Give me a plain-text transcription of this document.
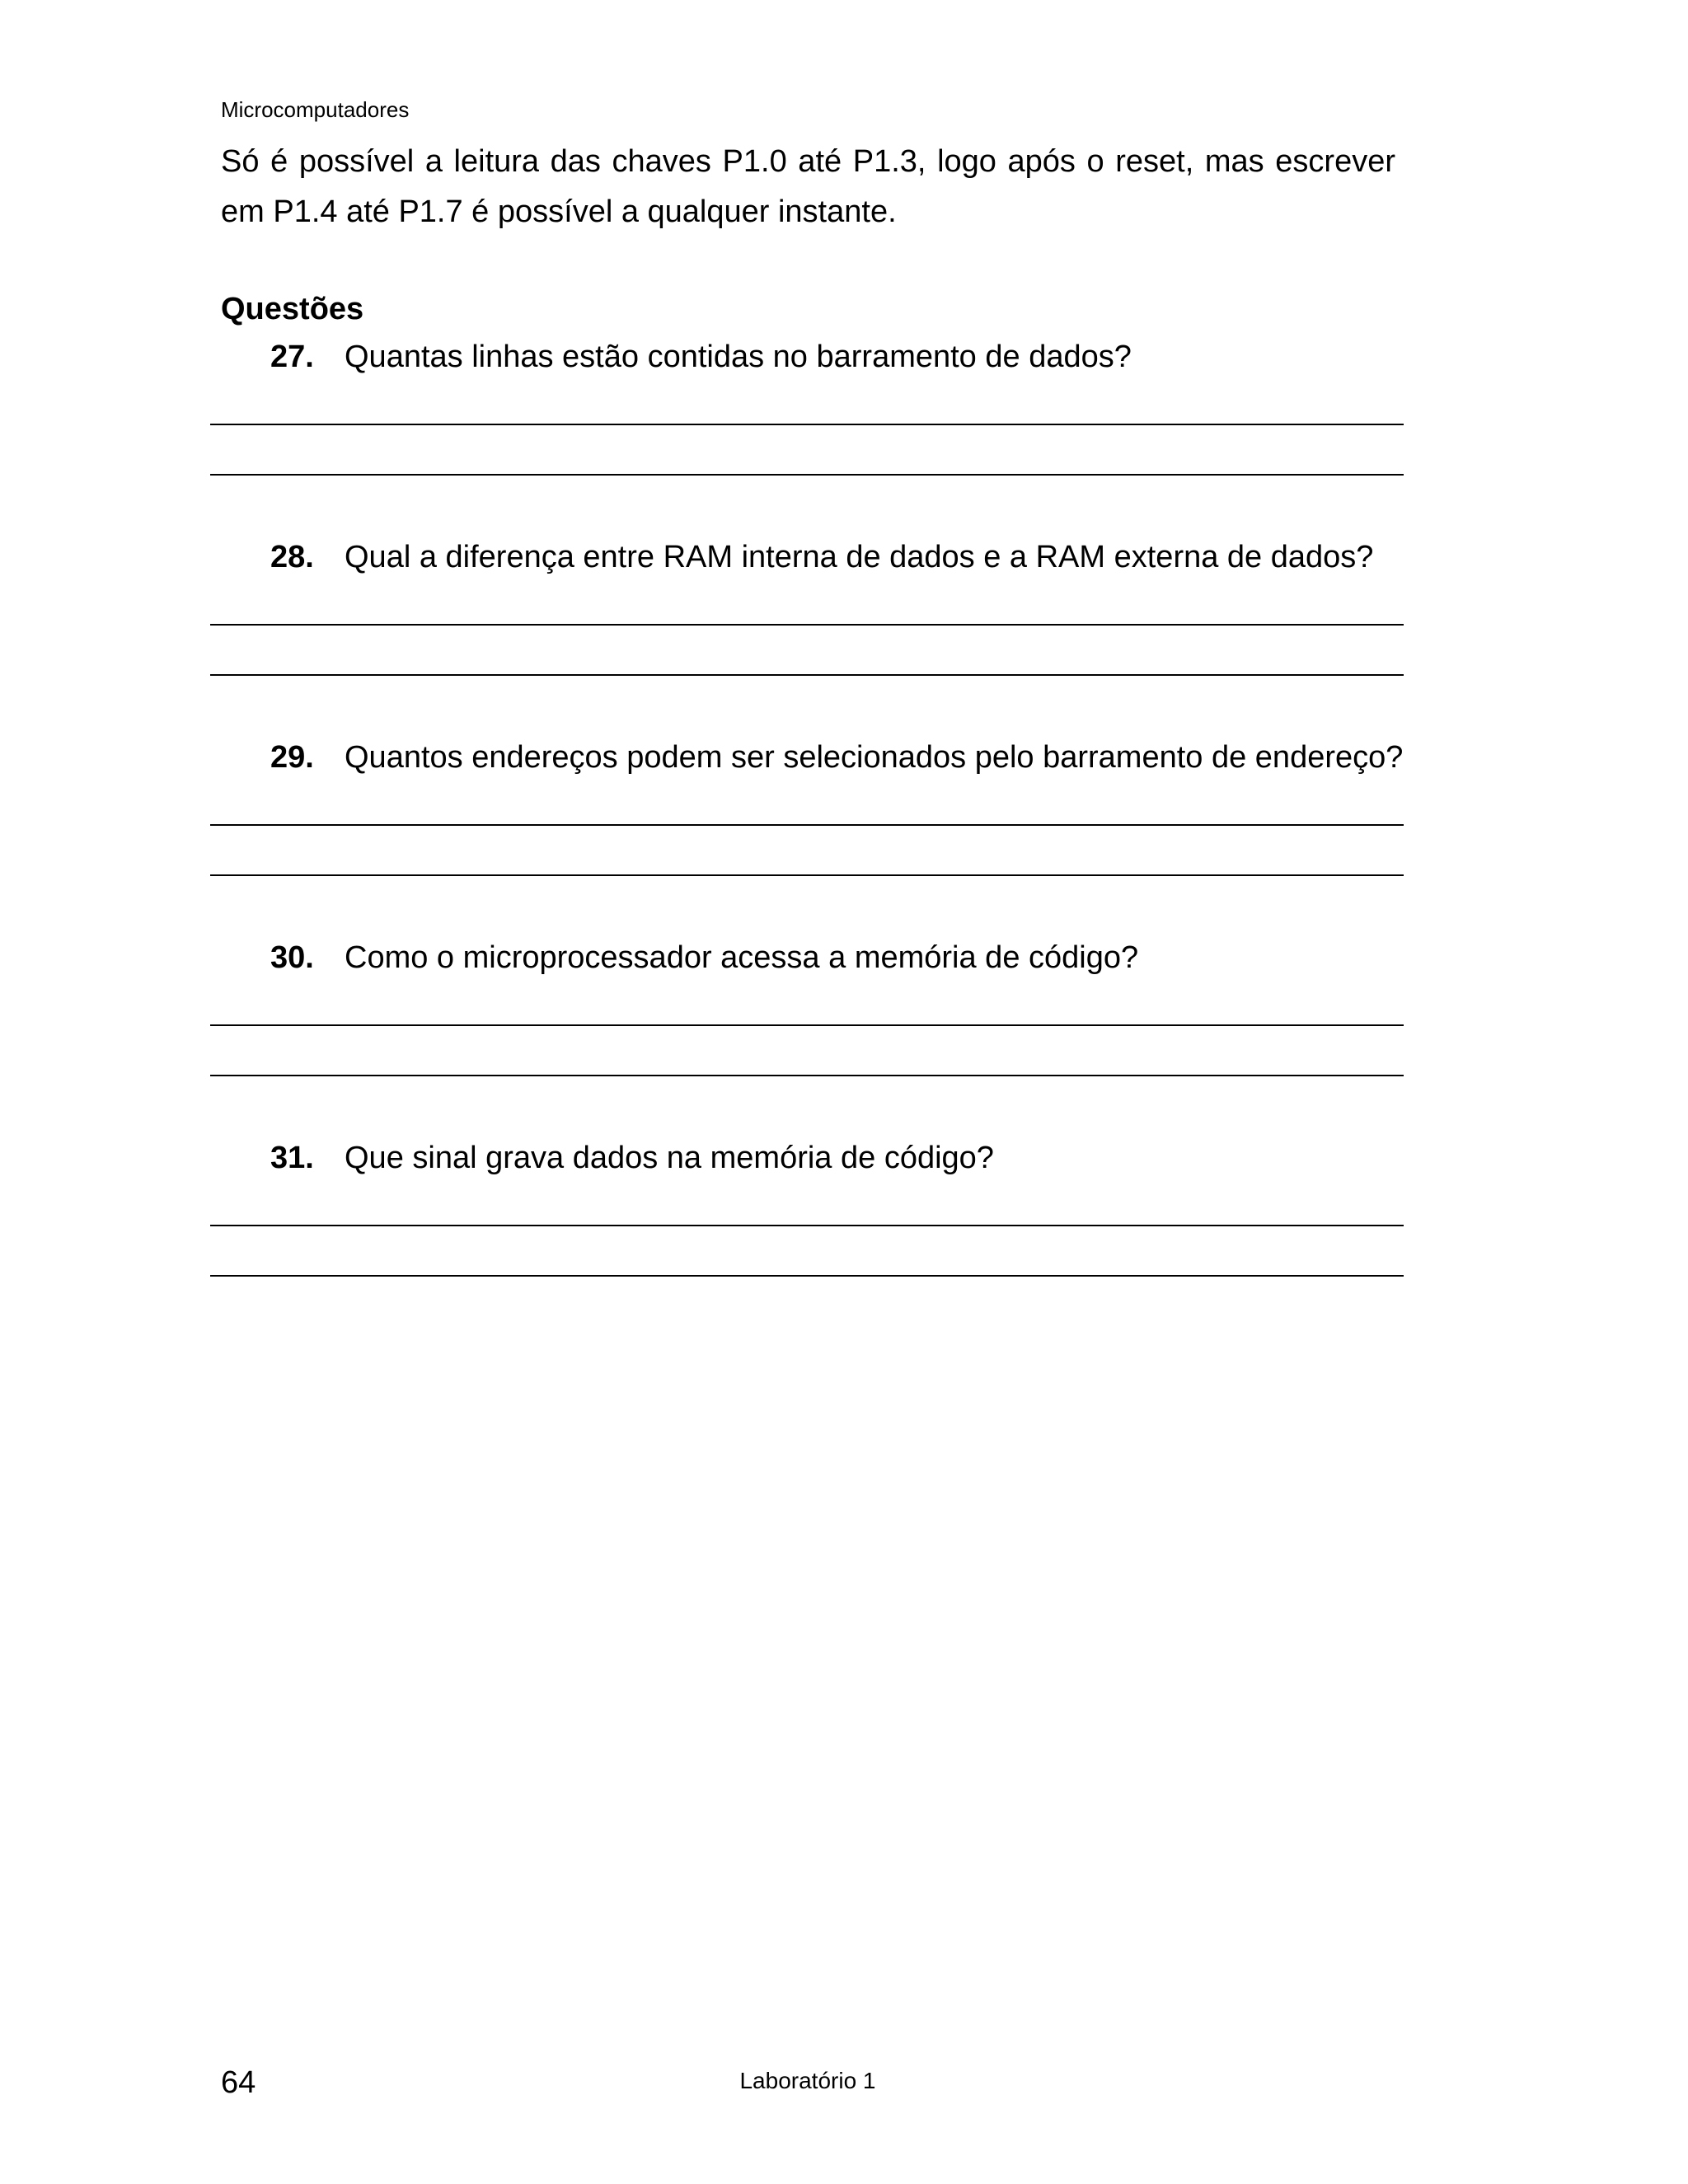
Microcomputadores
Só é possível a leitura das chaves P1.0 até P1.3, logo após o reset, mas escrever em P1.4 até P1.7 é possível a qualquer instante.
Questões
27. Quantas linhas estão contidas no barramento de dados?
28. Qual a diferença entre RAM interna de dados e a RAM externa de dados?
29. Quantos endereços podem ser selecionados pelo barramento de endereço?
30. Como o microprocessador acessa a memória de código?
31. Que sinal grava dados na memória de código?
64	Laboratório 1
